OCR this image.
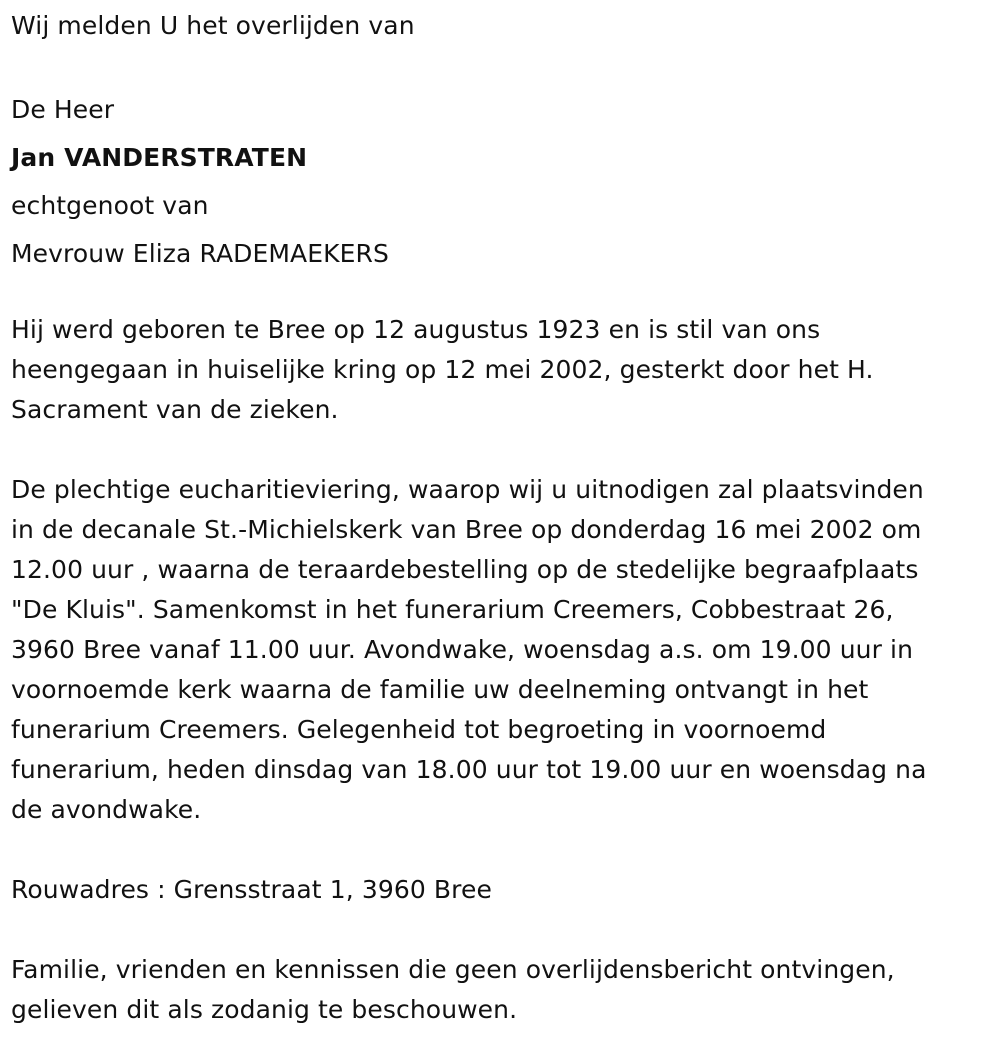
Wij melden U het overlijden van
De Heer
Jan VANDERSTRATEN
echtgenoot van
Mevrouw Eliza RADEMAEKERS
Hij werd geboren te Bree op 12 augustus 1923 en is stil van ons
heengegaan in huiselijke kring op 12 mei 2002, gesterkt door het H.
Sacrament van de zieken.
De plechtige eucharitieviering, waarop wij u uitnodigen zal plaatsvinden
in de decanale St.-Michielskerk van Bree op donderdag 16 mei 2002 om
12.00 uur , waarna de teraardebestelling op de stedelijke begraafplaats
"De Kluis". Samenkomst in het funerarium Creemers, Cobbestraat 26,
3960 Bree vanaf 11.00 uur. Avondwake, woensdag a.s. om 19.00 uur in
voornoemde kerk waarna de familie uw deelneming ontvangt in het
funerarium Creemers. Gelegenheid tot begroeting in voornoemd
funerarium, heden dinsdag van 18.00 uur tot 19.00 uur en woensdag na
de avondwake.
Rouwadres : Grensstraat 1, 3960 Bree
Familie, vrienden en kennissen die geen overlijdensbericht ontvingen,
gelieven dit als zodanig te beschouwen.
